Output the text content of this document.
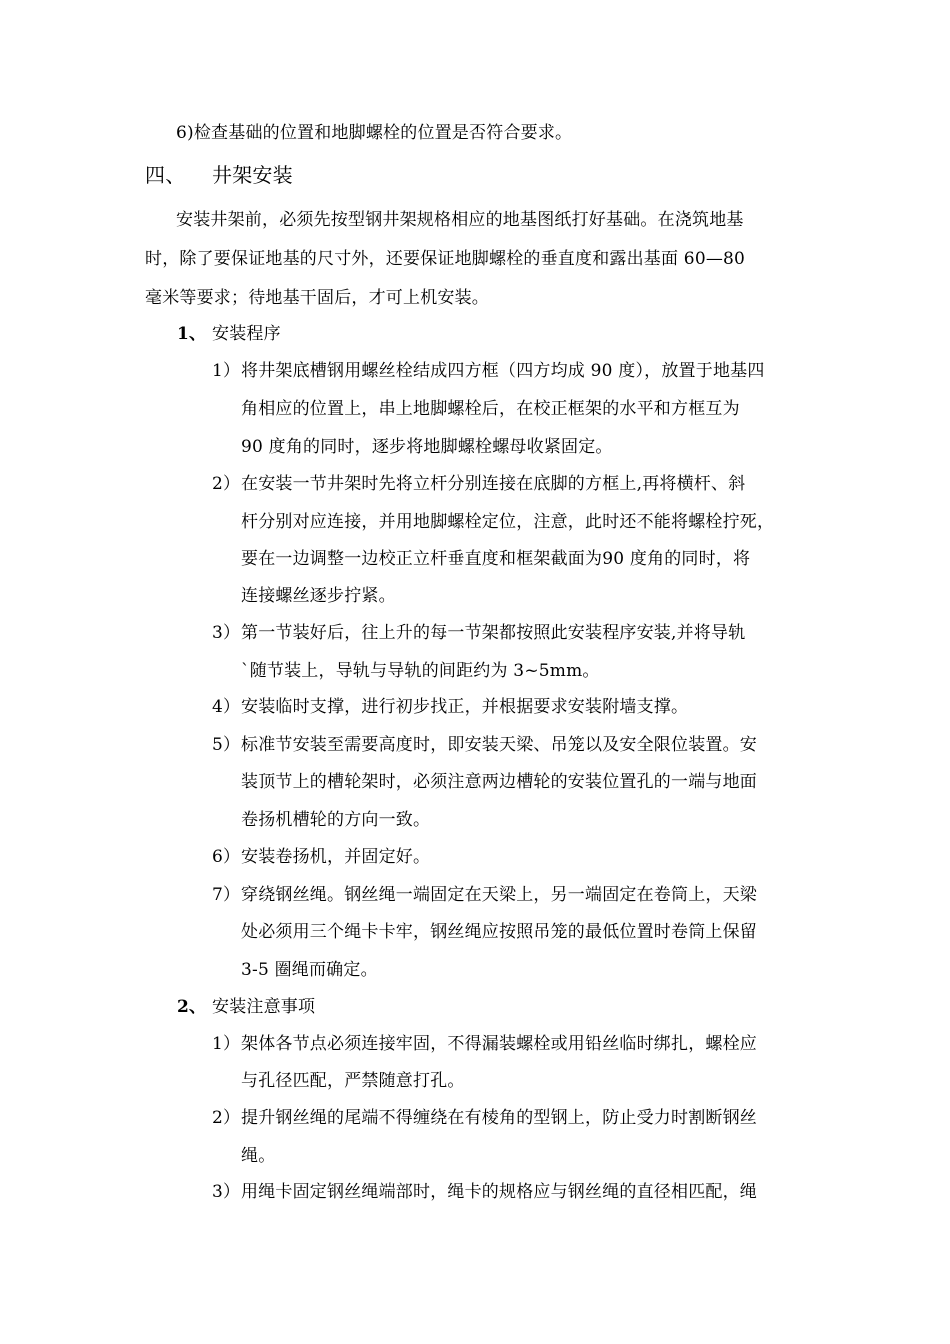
6)检查基础的位置和地脚螺栓的位置是否符合要求。
四、 井架安装
安装井架前，必须先按型钢井架规格相应的地基图纸打好基础。在浇筑地基
时，除了要保证地基的尺寸外，还要保证地脚螺栓的垂直度和露出基面 60—80
毫米等要求；待地基干固后，才可上机安装。
1、 安装程序
1） 将井架底槽钢用螺丝栓结成四方框（四方均成 90 度），放置于地基四
角相应的位置上，串上地脚螺栓后，在校正框架的水平和方框互为
90 度角的同时，逐步将地脚螺栓螺母收紧固定。
2） 在安装一节井架时先将立杆分别连接在底脚的方框上,再将横杆、斜
杆分别对应连接，并用地脚螺栓定位，注意，此时还不能将螺栓拧死，
要在一边调整一边校正立杆垂直度和框架截面为90 度角的同时，将
连接螺丝逐步拧紧。
3） 第一节装好后，往上升的每一节架都按照此安装程序安装,并将导轨
`随节装上，导轨与导轨的间距约为 3~5mm。
4） 安装临时支撑，进行初步找正，并根据要求安装附墙支撑。
5） 标准节安装至需要高度时，即安装天梁、吊笼以及安全限位装置。安
装顶节上的槽轮架时，必须注意两边槽轮的安装位置孔的一端与地面
卷扬机槽轮的方向一致。
6） 安装卷扬机，并固定好。
7） 穿绕钢丝绳。钢丝绳一端固定在天梁上，另一端固定在卷筒上，天梁
处必须用三个绳卡卡牢，钢丝绳应按照吊笼的最低位置时卷筒上保留
3-5 圈绳而确定。
2、 安装注意事项
1） 架体各节点必须连接牢固，不得漏装螺栓或用铅丝临时绑扎，螺栓应
与孔径匹配，严禁随意打孔。
2） 提升钢丝绳的尾端不得缠绕在有棱角的型钢上，防止受力时割断钢丝
绳。
3） 用绳卡固定钢丝绳端部时，绳卡的规格应与钢丝绳的直径相匹配，绳
